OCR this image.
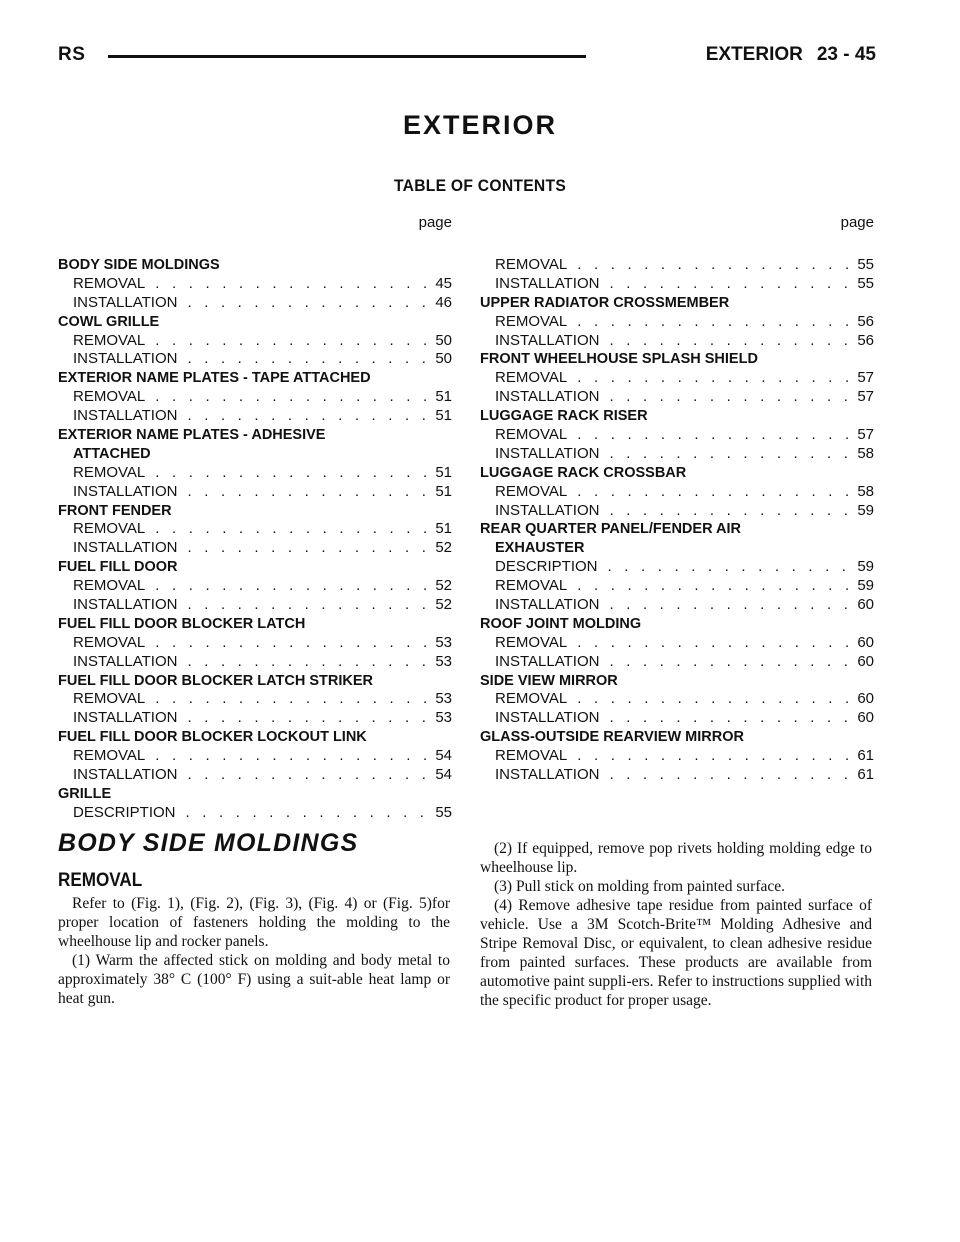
RS	EXTERIOR 23 - 45
EXTERIOR
TABLE OF CONTENTS
page
BODY SIDE MOLDINGS
REMOVAL . . .	45
INSTALLATION . . .	46
COWL GRILLE
REMOVAL . . .	50
INSTALLATION . . .	50
EXTERIOR NAME PLATES - TAPE ATTACHED
REMOVAL . . .	51
INSTALLATION . . .	51
EXTERIOR NAME PLATES - ADHESIVE
ATTACHED
REMOVAL . . .	51
INSTALLATION . . .	51
FRONT FENDER
REMOVAL . . .	51
INSTALLATION . . .	52
FUEL FILL DOOR
REMOVAL . . .	52
INSTALLATION . . .	52
FUEL FILL DOOR BLOCKER LATCH
REMOVAL . . .	53
INSTALLATION . . .	53
FUEL FILL DOOR BLOCKER LATCH STRIKER
REMOVAL . . .	53
INSTALLATION . . .	53
FUEL FILL DOOR BLOCKER LOCKOUT LINK
REMOVAL . . .	54
INSTALLATION . . .	54
GRILLE
DESCRIPTION . . .	55
page
REMOVAL . . .	55
INSTALLATION . . .	55
UPPER RADIATOR CROSSMEMBER
REMOVAL . . .	56
INSTALLATION . . .	56
FRONT WHEELHOUSE SPLASH SHIELD
REMOVAL . . .	57
INSTALLATION . . .	57
LUGGAGE RACK RISER
REMOVAL . . .	57
INSTALLATION . . .	58
LUGGAGE RACK CROSSBAR
REMOVAL . . .	58
INSTALLATION . . .	59
REAR QUARTER PANEL/FENDER AIR
EXHAUSTER
DESCRIPTION . . .	59
REMOVAL . . .	59
INSTALLATION . . .	60
ROOF JOINT MOLDING
REMOVAL . . .	60
INSTALLATION . . .	60
SIDE VIEW MIRROR
REMOVAL . . .	60
INSTALLATION . . .	60
GLASS-OUTSIDE REARVIEW MIRROR
REMOVAL . . .	61
INSTALLATION . . .	61
BODY SIDE MOLDINGS
REMOVAL

Refer to (Fig. 1), (Fig. 2), (Fig. 3), (Fig. 4) or (Fig. 5)for proper location of fasteners holding the molding to the wheelhouse lip and rocker panels.

(1) Warm the affected stick on molding and body metal to approximately 38° C (100° F) using a suit-able heat lamp or heat gun.

(2) If equipped, remove pop rivets holding molding edge to wheelhouse lip.

(3) Pull stick on molding from painted surface.

(4) Remove adhesive tape residue from painted surface of vehicle. Use a 3M Scotch-Brite™ Molding Adhesive and Stripe Removal Disc, or equivalent, to clean adhesive residue from painted surfaces. These products are available from automotive paint suppli-ers. Refer to instructions supplied with the specific product for proper usage.
